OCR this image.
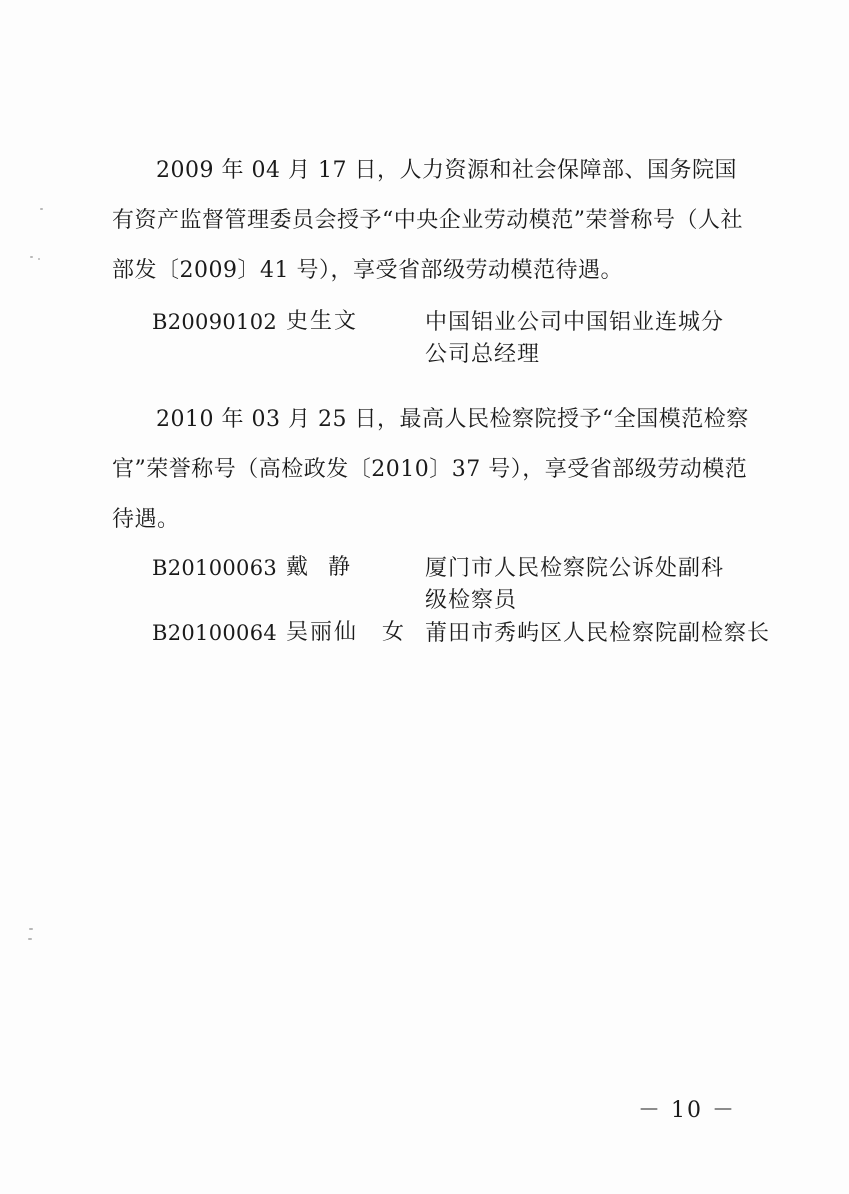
2009 年 04 月 17 日，人力资源和社会保障部、国务院国有资产监督管理委员会授予“中央企业劳动模范”荣誉称号（人社部发〔2009〕41 号），享受省部级劳动模范待遇。

B20090102 史生文	中国铝业公司中国铝业连城分公司总经理

2010 年 03 月 25 日，最高人民检察院授予“全国模范检察官”荣誉称号（高检政发〔2010〕37 号），享受省部级劳动模范待遇。

B20100063 戴  静	厦门市人民检察院公诉处副科级检察员
B20100064 吴丽仙 女 莆田市秀屿区人民检察院副检察长
－ 10 －
